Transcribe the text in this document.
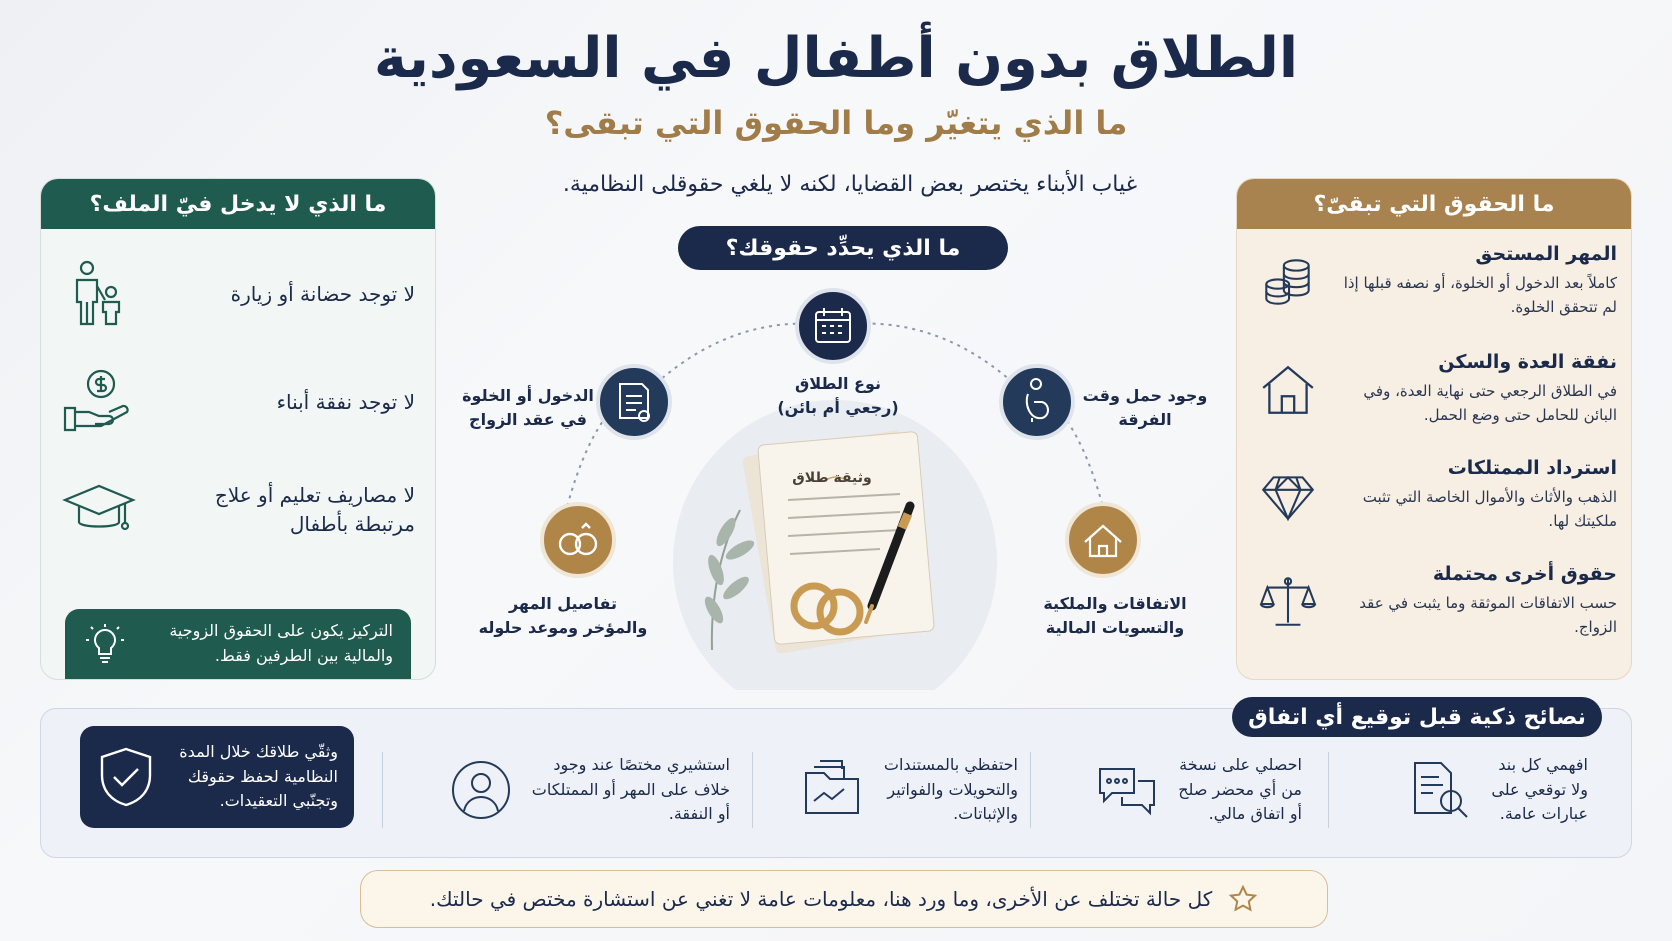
الطلاق بدون أطفال في السعودية
ما الذي يتغيّر وما الحقوق التي تبقى؟
غياب الأبناء يختصر بعض القضايا، لكنه لا يلغي حقوقلى النظامية.
ما الحقوق التي تبقىّ؟
المهر المستحق
كاملاً بعد الدخول أو الخلوة، أو نصفه قبلها إذا لم تتحقق الخلوة.
نفقة العدة والسكن
في الطلاق الرجعي حتى نهاية العدة، وفي البائن للحامل حتى وضع الحمل.
استرداد الممتلكات
الذهب والأثاث والأموال الخاصة التي تثبت ملكيتك لها.
حقوق أخرى محتملة
حسب الاتفاقات الموثقة وما يثبت في عقد الزواج.
ما الذي لا يدخل فيّ الملف؟
لا توجد حضانة أو زيارة
لا توجد نفقة أبناء
لا مصاريف تعليم أو علاج مرتبطة بأطفال
التركيز يكون على الحقوق الزوجية والمالية بين الطرفين فقط.
ما الذي يحدِّد حقوقك؟
وثيقة طلاق
نوع الطلاق
(رجعي أم بائن)
وجود حمل وقت
الفرقة
الاتفاقات والملكية
والتسويات المالية
تفاصيل المهر
والمؤخر وموعد حلوله
الدخول أو الخلوة
في عقد الزواج
نصائح ذكية قبل توقيع أي اتفاق
افهمي كل بند
ولا توقعي على
عبارات عامة.
احصلي على نسخة
من أي محضر صلح
أو اتفاق مالي.
احتفظي بالمستندات
والتحويلات والفواتير
والإثباتات.
استشيري مختصًا عند وجود
خلاف على المهر أو الممتلكات
أو النفقة.
وثقّي طلاقك خلال المدة النظامية لحفظ حقوقك وتجنّبي التعقيدات.
كل حالة تختلف عن الأخرى، وما ورد هنا، معلومات عامة لا تغني عن استشارة مختص في حالتك.
